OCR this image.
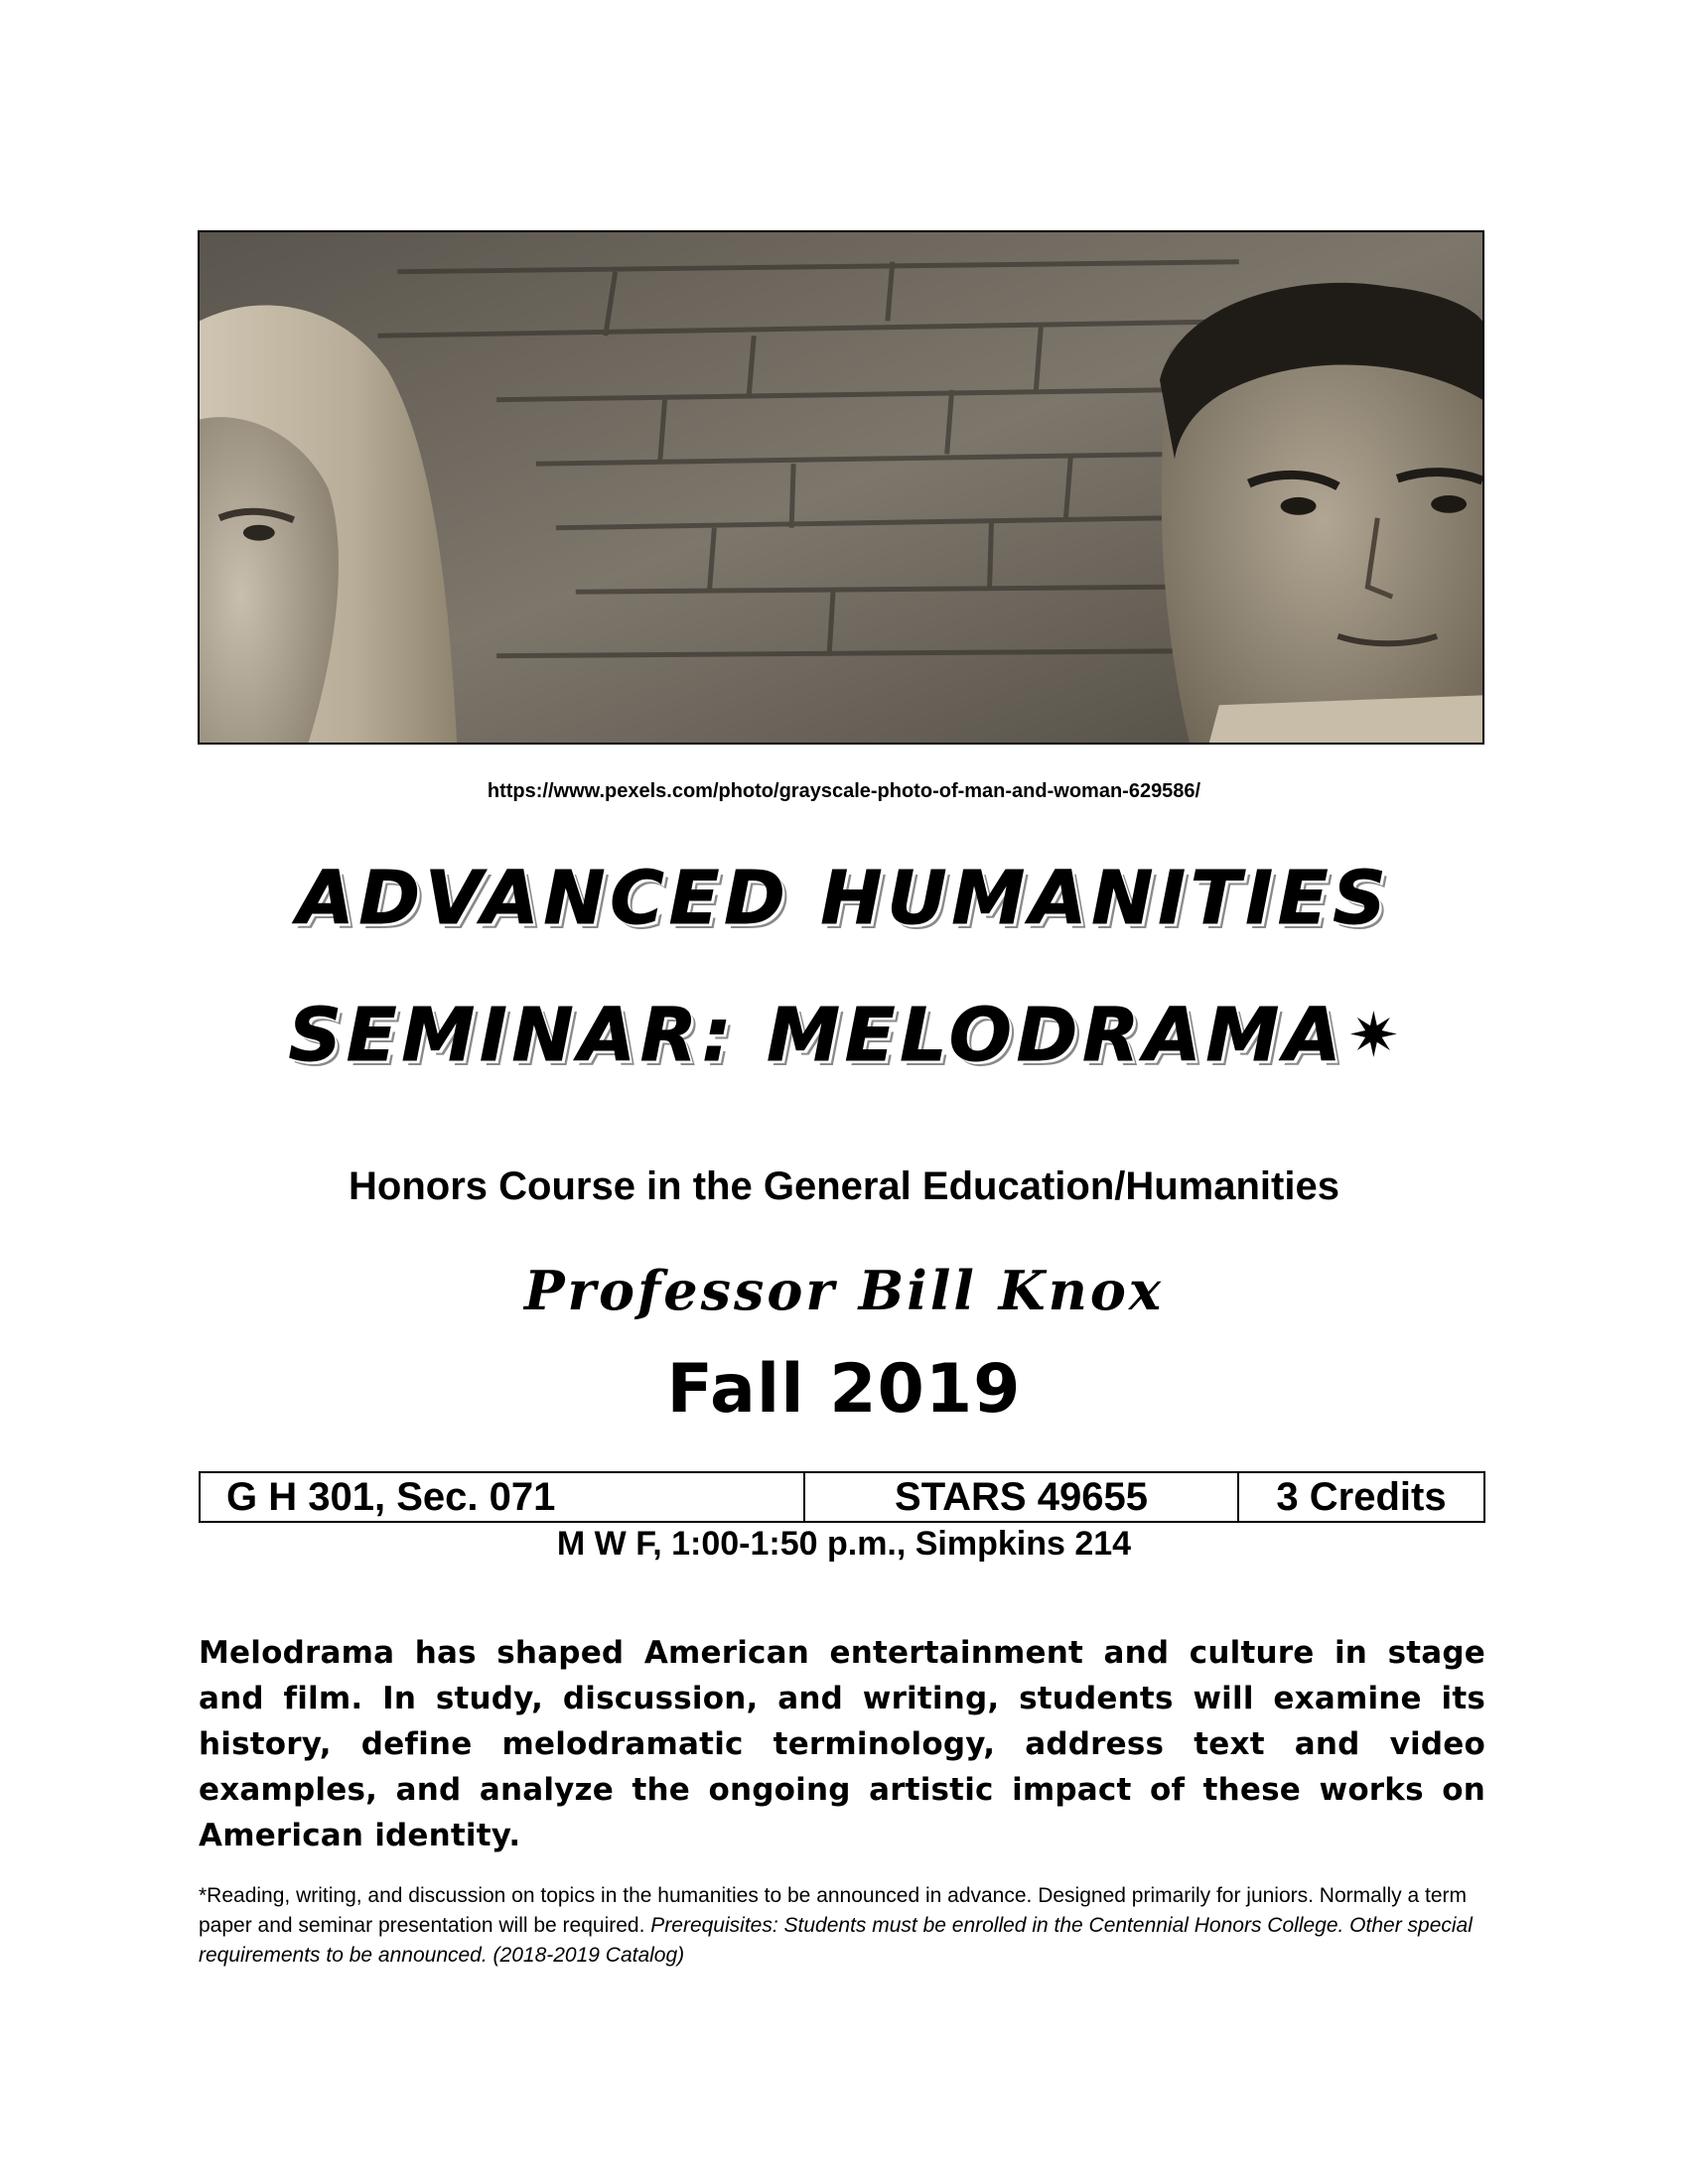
https://www.pexels.com/photo/grayscale-photo-of-man-and-woman-629586/
ADVANCED HUMANITIES
SEMINAR: MELODRAMA✷
Honors Course in the General Education/Humanities
Professor Bill Knox
Fall 2019
G H 301, Sec. 071	STARS 49655	3 Credits
M W F, 1:00-1:50 p.m., Simpkins 214
Melodrama has shaped American entertainment and culture in stage and film. In study, discussion, and writing, students will examine its history, define melodramatic terminology, address text and video examples, and analyze the ongoing artistic impact of these works on American identity.
*Reading, writing, and discussion on topics in the humanities to be announced in advance. Designed primarily for juniors. Normally a term paper and seminar presentation will be required. Prerequisites: Students must be enrolled in the Centennial Honors College. Other special requirements to be announced. (2018-2019 Catalog)
